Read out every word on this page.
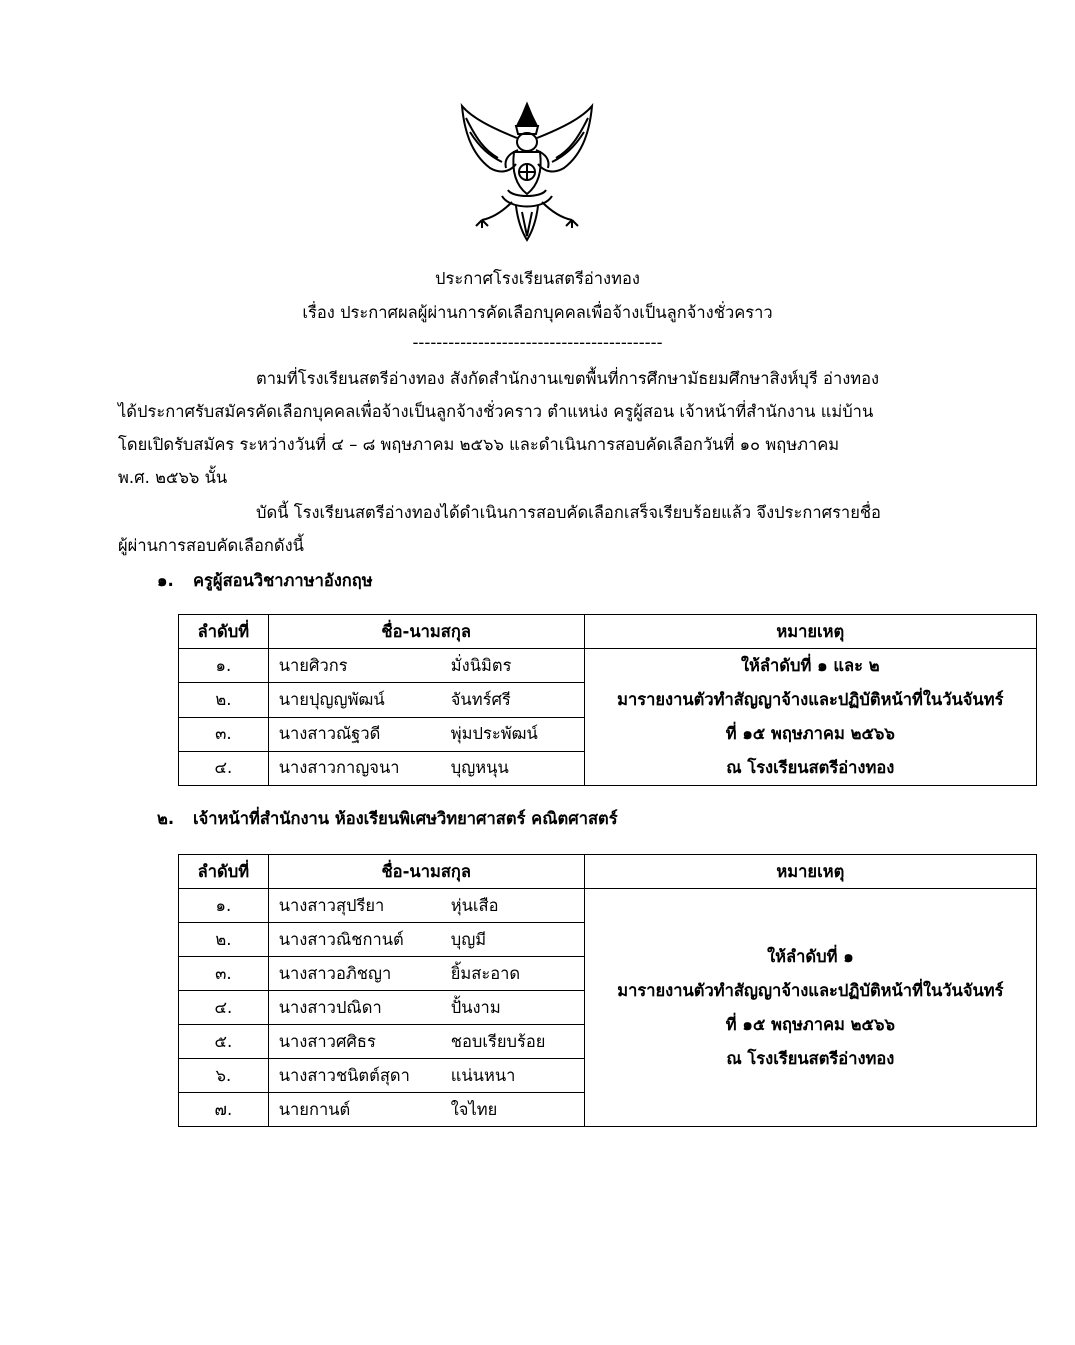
ประกาศโรงเรียนสตรีอ่างทอง
เรื่อง ประกาศผลผู้ผ่านการคัดเลือกบุคคลเพื่อจ้างเป็นลูกจ้างชั่วคราว
------------------------------------------
ตามที่โรงเรียนสตรีอ่างทอง สังกัดสำนักงานเขตพื้นที่การศึกษามัธยมศึกษาสิงห์บุรี อ่างทอง
ได้ประกาศรับสมัครคัดเลือกบุคคลเพื่อจ้างเป็นลูกจ้างชั่วคราว ตำแหน่ง ครูผู้สอน เจ้าหน้าที่สำนักงาน แม่บ้าน
โดยเปิดรับสมัคร ระหว่างวันที่ ๔ – ๘ พฤษภาคม ๒๕๖๖ และดำเนินการสอบคัดเลือกวันที่ ๑๐ พฤษภาคม
พ.ศ. ๒๕๖๖ นั้น
บัดนี้ โรงเรียนสตรีอ่างทองได้ดำเนินการสอบคัดเลือกเสร็จเรียบร้อยแล้ว จึงประกาศรายชื่อ
ผู้ผ่านการสอบคัดเลือกดังนี้
๑. ครูผู้สอนวิชาภาษาอังกฤษ
ลำดับที่	ชื่อ-นามสกุล	หมายเหตุ
๑.	นายศิวกร มั่งนิมิตร	ให้ลำดับที่ ๑ และ ๒
มารายงานตัวทำสัญญาจ้างและปฏิบัติหน้าที่ในวันจันทร์
ที่ ๑๕ พฤษภาคม ๒๕๖๖
ณ โรงเรียนสตรีอ่างทอง

๒.	นายปุญญพัฒน์ จันทร์ศรี	
๓.	นางสาวณัฐวดี พุ่มประพัฒน์	
๔.	นางสาวกาญจนา บุญหนุน	
๒. เจ้าหน้าที่สำนักงาน ห้องเรียนพิเศษวิทยาศาสตร์ คณิตศาสตร์
ลำดับที่	ชื่อ-นามสกุล	หมายเหตุ
๑.	นางสาวสุปรียา หุ่นเสือ	ให้ลำดับที่ ๑
มารายงานตัวทำสัญญาจ้างและปฏิบัติหน้าที่ในวันจันทร์
ที่ ๑๕ พฤษภาคม ๒๕๖๖
ณ โรงเรียนสตรีอ่างทอง

๒.	นางสาวณิชกานต์ บุญมี	
๓.	นางสาวอภิชญา ยิ้มสะอาด	
๔.	นางสาวปณิดา ปั้นงาม	
๕.	นางสาวศศิธร ชอบเรียบร้อย	
๖.	นางสาวชนิตต์สุดา แน่นหนา	
๗.	นายกานต์ ใจไทย	
